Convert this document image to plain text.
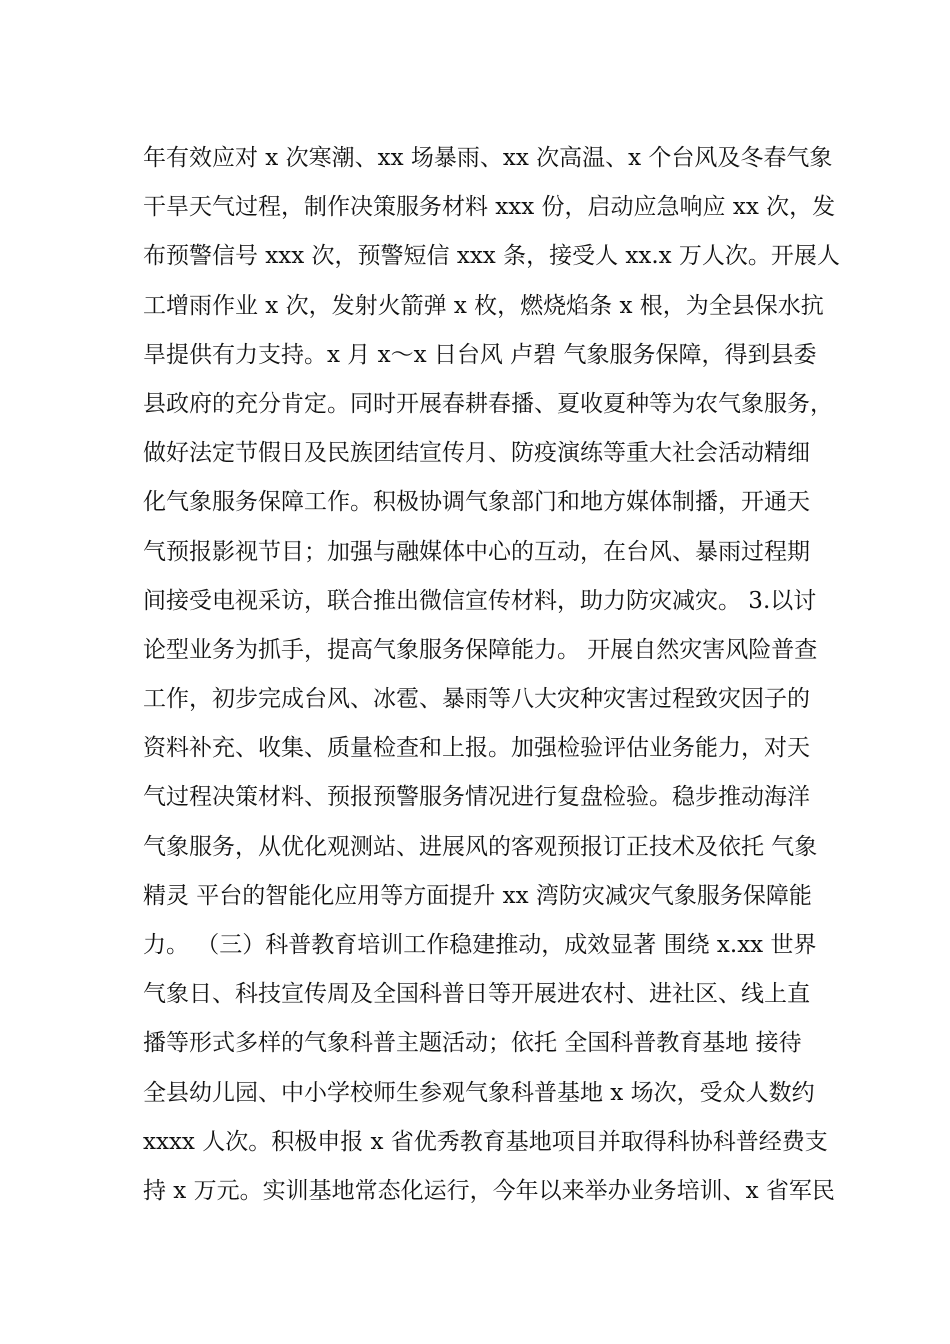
年有效应对 x 次寒潮、xx 场暴雨、xx 次高温、x 个台风及冬春气象
干旱天气过程，制作决策服务材料 xxx 份，启动应急响应 xx 次，发
布预警信号 xxx 次，预警短信 xxx 条，接受人 xx.x 万人次。开展人
工增雨作业 x 次，发射火箭弹 x 枚，燃烧焰条 x 根，为全县保水抗
旱提供有力支持。x 月 x～x 日台风 卢碧 气象服务保障，得到县委
县政府的充分肯定。同时开展春耕春播、夏收夏种等为农气象服务，
做好法定节假日及民族团结宣传月、防疫演练等重大社会活动精细
化气象服务保障工作。积极协调气象部门和地方媒体制播，开通天
气预报影视节目；加强与融媒体中心的互动，在台风、暴雨过程期
间接受电视采访，联合推出微信宣传材料，助力防灾减灾。 3.以讨
论型业务为抓手，提高气象服务保障能力。 开展自然灾害风险普查
工作，初步完成台风、冰雹、暴雨等八大灾种灾害过程致灾因子的
资料补充、收集、质量检查和上报。加强检验评估业务能力，对天
气过程决策材料、预报预警服务情况进行复盘检验。稳步推动海洋
气象服务，从优化观测站、进展风的客观预报订正技术及依托 气象
精灵 平台的智能化应用等方面提升 xx 湾防灾减灾气象服务保障能
力。 （三）科普教育培训工作稳建推动，成效显著 围绕 x.xx 世界
气象日、科技宣传周及全国科普日等开展进农村、进社区、线上直
播等形式多样的气象科普主题活动；依托 全国科普教育基地 接待
全县幼儿园、中小学校师生参观气象科普基地 x 场次，受众人数约
xxxx 人次。积极申报 x 省优秀教育基地项目并取得科协科普经费支
持 x 万元。实训基地常态化运行，今年以来举办业务培训、x 省军民
